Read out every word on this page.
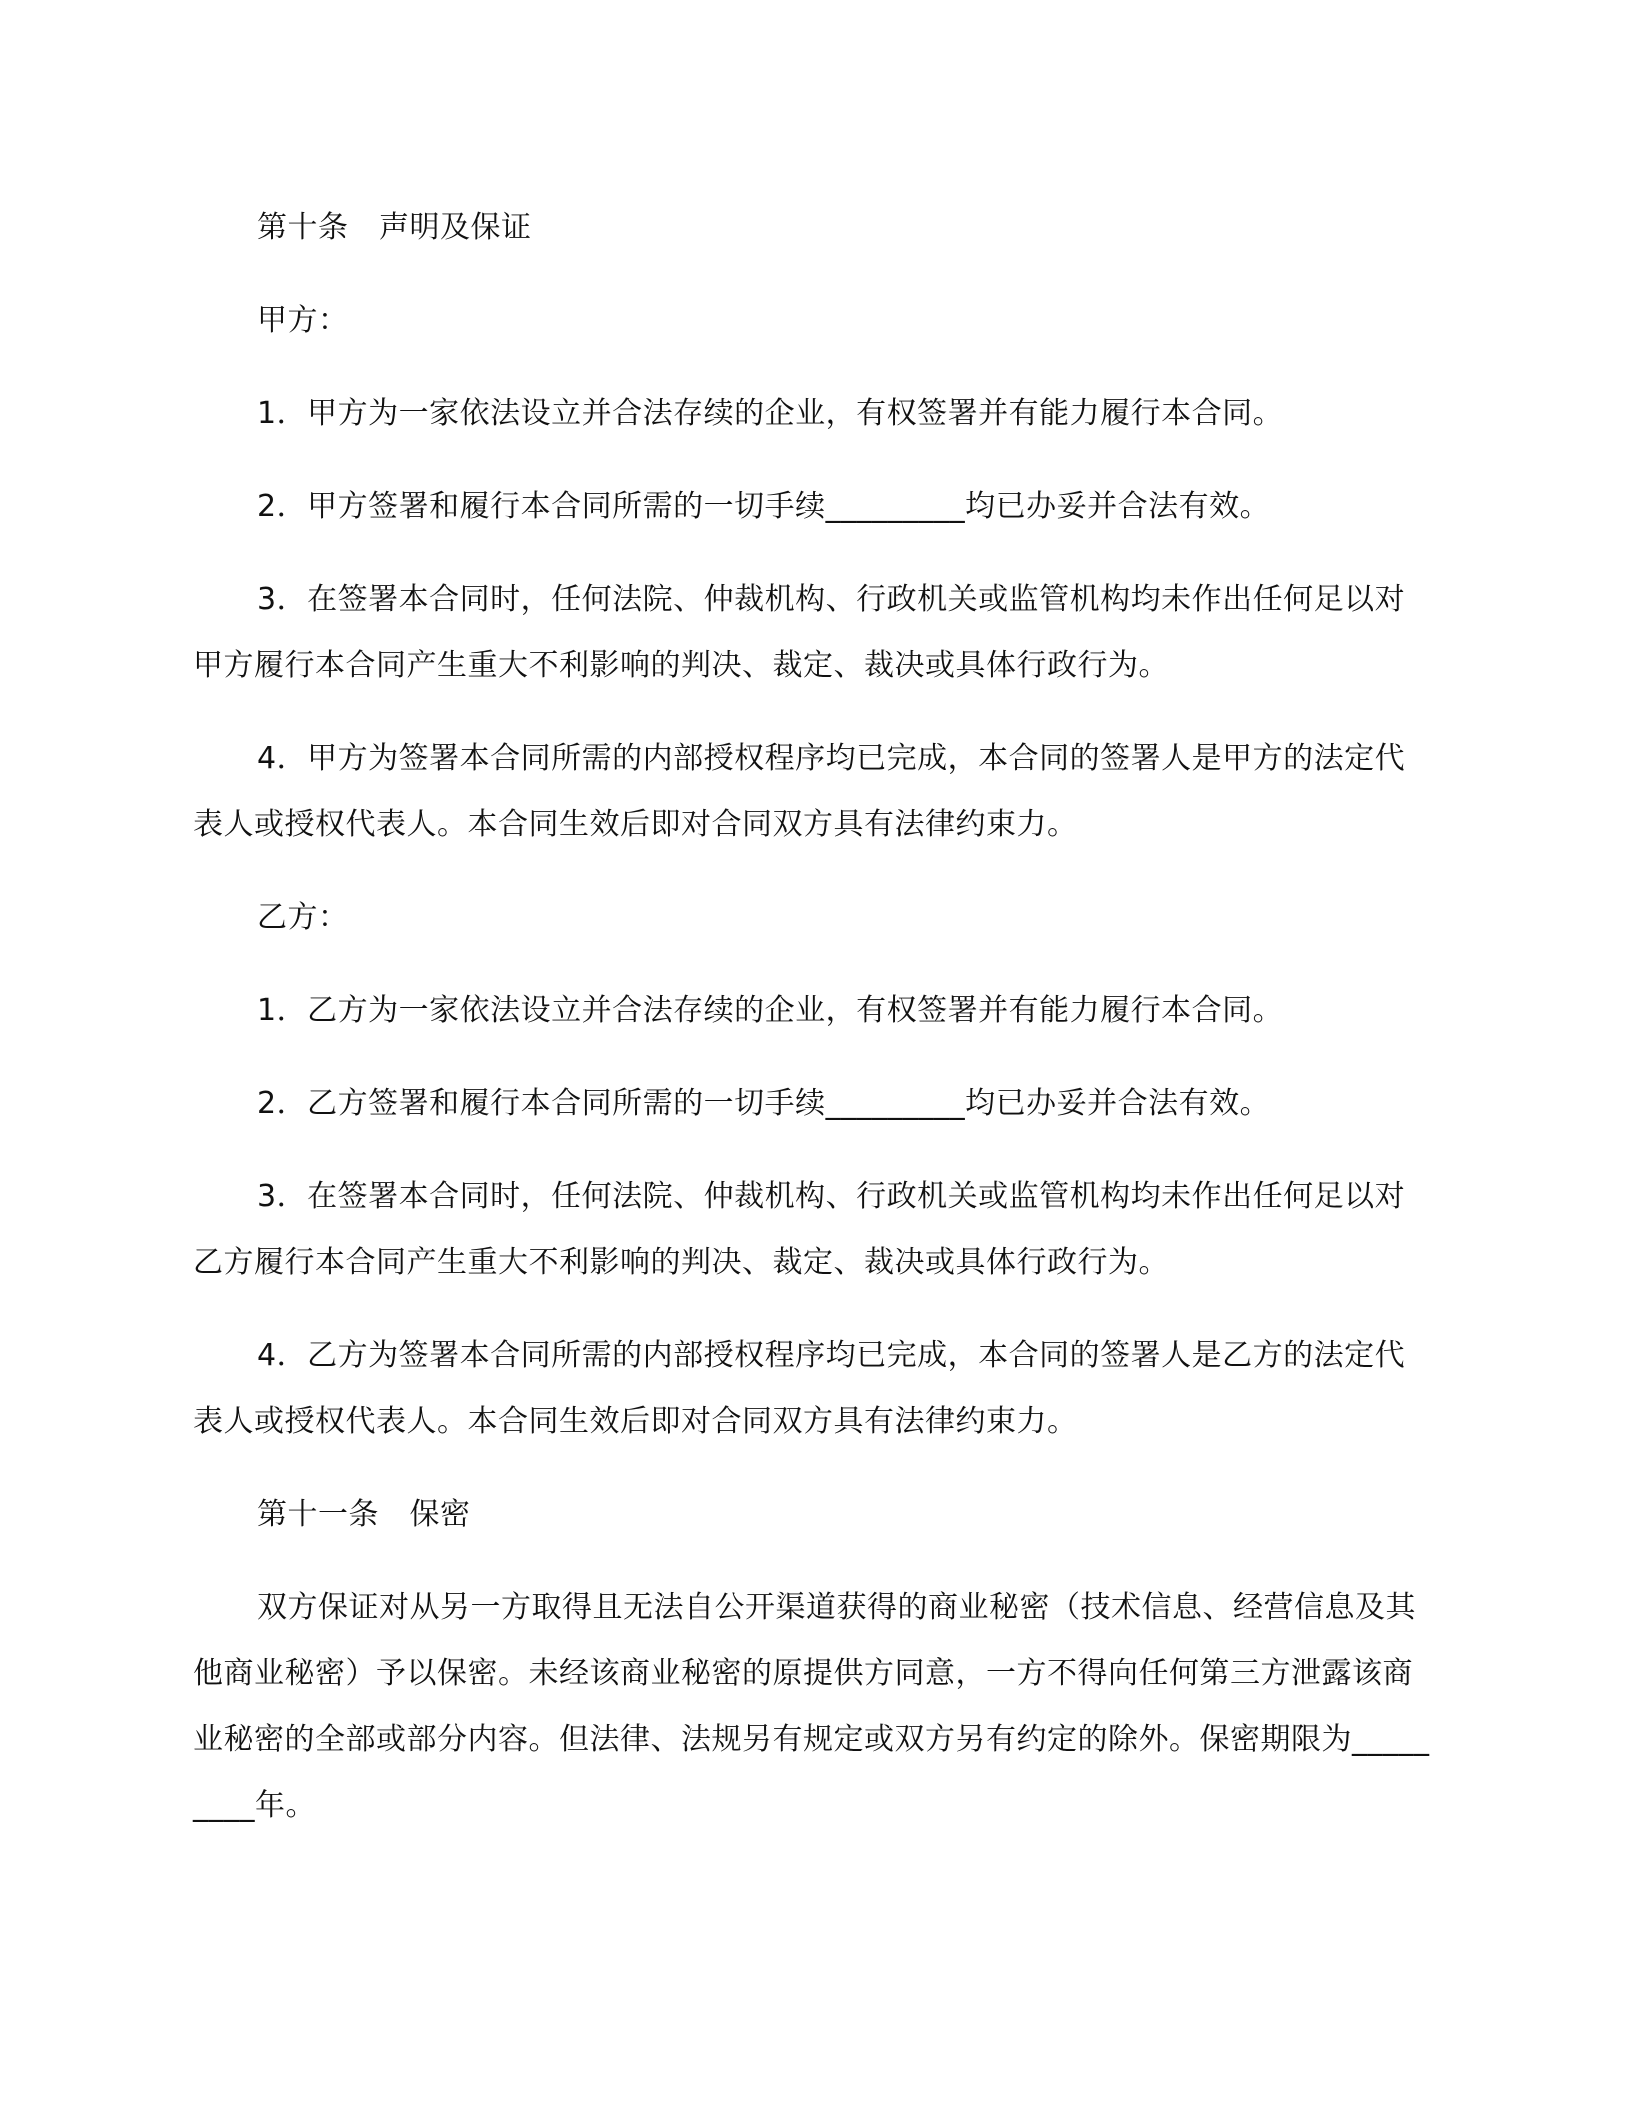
第十条　声明及保证

甲方：

1．甲方为一家依法设立并合法存续的企业，有权签署并有能力履行本合同。

2．甲方签署和履行本合同所需的一切手续_________均已办妥并合法有效。

3．在签署本合同时，任何法院、仲裁机构、行政机关或监管机构均未作出任何足以对甲方履行本合同产生重大不利影响的判决、裁定、裁决或具体行政行为。

4．甲方为签署本合同所需的内部授权程序均已完成，本合同的签署人是甲方的法定代表人或授权代表人。本合同生效后即对合同双方具有法律约束力。

乙方：

1．乙方为一家依法设立并合法存续的企业，有权签署并有能力履行本合同。

2．乙方签署和履行本合同所需的一切手续_________均已办妥并合法有效。

3．在签署本合同时，任何法院、仲裁机构、行政机关或监管机构均未作出任何足以对乙方履行本合同产生重大不利影响的判决、裁定、裁决或具体行政行为。

4．乙方为签署本合同所需的内部授权程序均已完成，本合同的签署人是乙方的法定代表人或授权代表人。本合同生效后即对合同双方具有法律约束力。

第十一条　保密

双方保证对从另一方取得且无法自公开渠道获得的商业秘密（技术信息、经营信息及其他商业秘密）予以保密。未经该商业秘密的原提供方同意，一方不得向任何第三方泄露该商业秘密的全部或部分内容。但法律、法规另有规定或双方另有约定的除外。保密期限为_________年。
